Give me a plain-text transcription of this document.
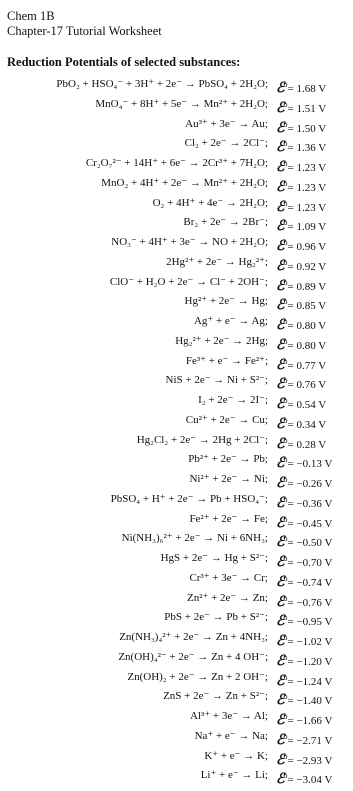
Chem 1B
Chapter-17 Tutorial Worksheet
Reduction Potentials of selected substances:
PbO₂ + HSO₄⁻ + 3H⁺ + 2e⁻ → PbSO₄ + 2H₂O; ℰ$^o$= 1.68 V
MnO₄⁻ + 8H⁺ + 5e⁻ → Mn²⁺ + 2H₂O; ℰ$^o$= 1.51 V
Au³⁺ + 3e⁻ → Au; ℰ$^o$= 1.50 V
Cl₂ + 2e⁻ → 2Cl⁻; ℰ$^o$= 1.36 V
Cr₂O₇²⁻ + 14H⁺ + 6e⁻ → 2Cr³⁺ + 7H₂O; ℰ$^o$= 1.23 V
MnO₂ + 4H⁺ + 2e⁻ → Mn²⁺ + 2H₂O; ℰ$^o$= 1.23 V
O₂ + 4H⁺ + 4e⁻ → 2H₂O; ℰ$^o$= 1.23 V
Br₂ + 2e⁻ → 2Br⁻; ℰ$^o$= 1.09 V
NO₃⁻ + 4H⁺ + 3e⁻ → NO + 2H₂O; ℰ$^o$= 0.96 V
2Hg²⁺ + 2e⁻ → Hg₂²⁺; ℰ$^o$= 0.92 V
ClO⁻ + H₂O + 2e⁻ → Cl⁻ + 2OH⁻; ℰ$^o$= 0.89 V
Hg²⁺ + 2e⁻ → Hg; ℰ$^o$= 0.85 V
Ag⁺ + e⁻ → Ag; ℰ$^o$= 0.80 V
Hg₂²⁺ + 2e⁻ → 2Hg; ℰ$^o$= 0.80 V
Fe³⁺ + e⁻ → Fe²⁺; ℰ$^o$= 0.77 V
NiS + 2e⁻ → Ni + S²⁻; ℰ$^o$= 0.76 V
I₂ + 2e⁻ → 2I⁻; ℰ$^o$= 0.54 V
Cu²⁺ + 2e⁻ → Cu; ℰ$^o$= 0.34 V
Hg₂Cl₂ + 2e⁻ → 2Hg + 2Cl⁻; ℰ$^o$= 0.28 V
Pb²⁺ + 2e⁻ → Pb; ℰ$^o$= −0.13 V
Ni²⁺ + 2e⁻ → Ni; ℰ$^o$= −0.26 V
PbSO₄ + H⁺ + 2e⁻ → Pb + HSO₄⁻; ℰ$^o$= −0.36 V
Fe²⁺ + 2e⁻ → Fe; ℰ$^o$= −0.45 V
Ni(NH₃)₆²⁺ + 2e⁻ → Ni + 6NH₃; ℰ$^o$= −0.50 V
HgS + 2e⁻ → Hg + S²⁻; ℰ$^o$= −0.70 V
Cr³⁺ + 3e⁻ → Cr; ℰ$^o$= −0.74 V
Zn²⁺ + 2e⁻ → Zn; ℰ$^o$= −0.76 V
PbS + 2e⁻ → Pb + S²⁻; ℰ$^o$= −0.95 V
Zn(NH₃)₄²⁺ + 2e⁻ → Zn + 4NH₃; ℰ$^o$= −1.02 V
Zn(OH)₄²⁻ + 2e⁻ → Zn + 4 OH⁻; ℰ$^o$= −1.20 V
Zn(OH)₂ + 2e⁻ → Zn + 2 OH⁻; ℰ$^o$= −1.24 V
ZnS + 2e⁻ → Zn + S²⁻; ℰ$^o$= −1.40 V
Al³⁺ + 3e⁻ → Al; ℰ$^o$= −1.66 V
Na⁺ + e⁻ → Na; ℰ$^o$= −2.71 V
K⁺ + e⁻ → K; ℰ$^o$= −2.93 V
Li⁺ + e⁻ → Li; ℰ$^o$= −3.04 V
